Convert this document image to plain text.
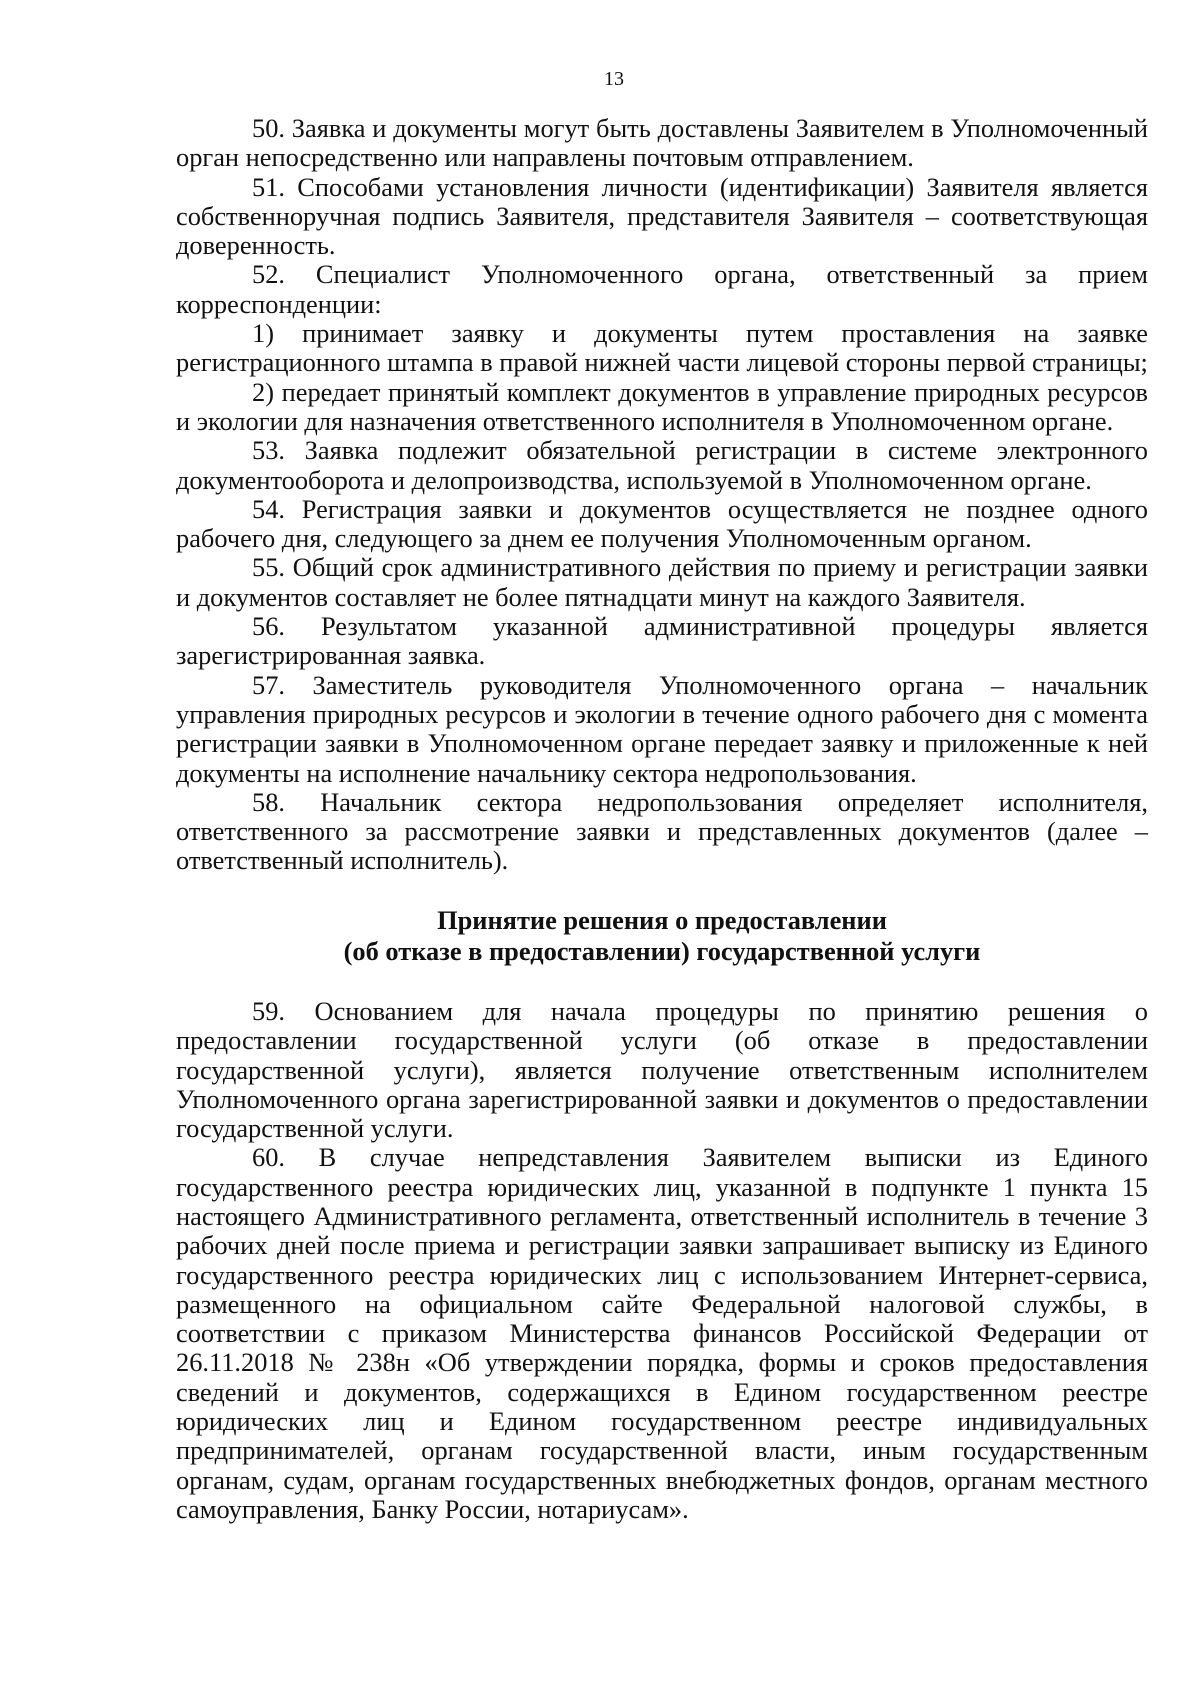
13

50. Заявка и документы могут быть доставлены Заявителем в Уполномоченный орган непосредственно или направлены почтовым отправлением.

51. Способами установления личности (идентификации) Заявителя является собственноручная подпись Заявителя, представителя Заявителя – соответствующая доверенность.

52. Специалист Уполномоченного органа, ответственный за прием корреспонденции:

1) принимает заявку и документы путем проставления на заявке регистрационного штампа в правой нижней части лицевой стороны первой страницы;

2) передает принятый комплект документов в управление природных ресурсов и экологии для назначения ответственного исполнителя в Уполномоченном органе.

53. Заявка подлежит обязательной регистрации в системе электронного документооборота и делопроизводства, используемой в Уполномоченном органе.

54. Регистрация заявки и документов осуществляется не позднее одного рабочего дня, следующего за днем ее получения Уполномоченным органом.

55. Общий срок административного действия по приему и регистрации заявки и документов составляет не более пятнадцати минут на каждого Заявителя.

56. Результатом указанной административной процедуры является зарегистрированная заявка.

57. Заместитель руководителя Уполномоченного органа – начальник управления природных ресурсов и экологии в течение одного рабочего дня с момента регистрации заявки в Уполномоченном органе передает заявку и приложенные к ней документы на исполнение начальнику сектора недропользования.

58. Начальник сектора недропользования определяет исполнителя, ответственного за рассмотрение заявки и представленных документов (далее – ответственный исполнитель).

Принятие решения о предоставлении
(об отказе в предоставлении) государственной услуги

59. Основанием для начала процедуры по принятию решения о предоставлении государственной услуги (об отказе в предоставлении государственной услуги), является получение ответственным исполнителем Уполномоченного органа зарегистрированной заявки и документов о предоставлении государственной услуги.

60. В случае непредставления Заявителем выписки из Единого государственного реестра юридических лиц, указанной в подпункте 1 пункта 15 настоящего Административного регламента, ответственный исполнитель в течение 3 рабочих дней после приема и регистрации заявки запрашивает выписку из Единого государственного реестра юридических лиц с использованием Интернет-сервиса, размещенного на официальном сайте Федеральной налоговой службы, в соответствии с приказом Министерства финансов Российской Федерации от 26.11.2018 № 238н «Об утверждении порядка, формы и сроков предоставления сведений и документов, содержащихся в Едином государственном реестре юридических лиц и Едином государственном реестре индивидуальных предпринимателей, органам государственной власти, иным государственным органам, судам, органам государственных внебюджетных фондов, органам местного самоуправления, Банку России, нотариусам».
